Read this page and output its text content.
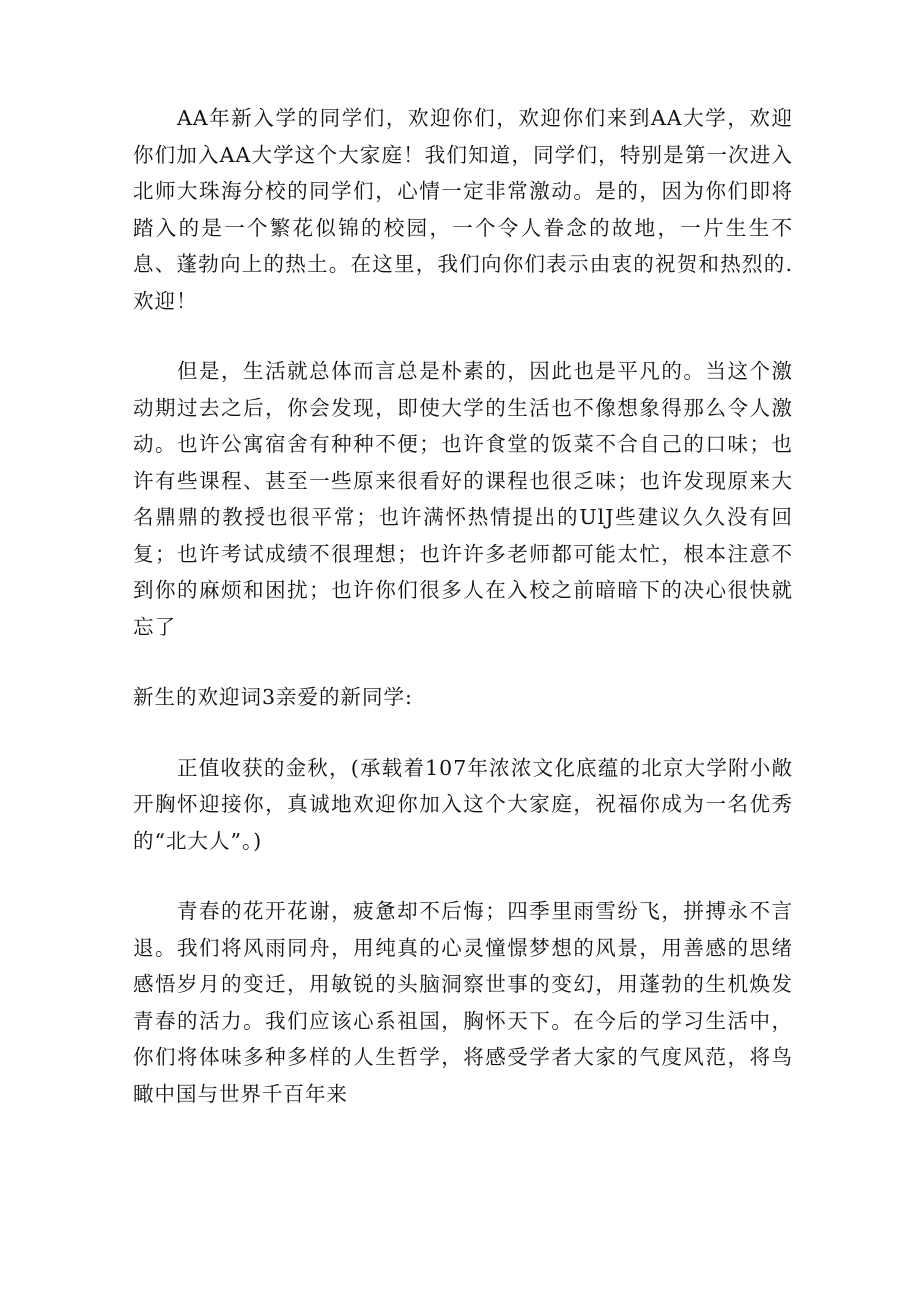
AA年新入学的同学们，欢迎你们，欢迎你们来到AA大学，欢迎你们加入AA大学这个大家庭！我们知道，同学们，特别是第一次进入北师大珠海分校的同学们，心情一定非常激动。是的，因为你们即将踏入的是一个繁花似锦的校园，一个令人眷念的故地，一片生生不息、蓬勃向上的热土。在这里，我们向你们表示由衷的祝贺和热烈的.欢迎！

但是，生活就总体而言总是朴素的，因此也是平凡的。当这个激动期过去之后，你会发现，即使大学的生活也不像想象得那么令人激动。也许公寓宿舍有种种不便；也许食堂的饭菜不合自己的口味；也许有些课程、甚至一些原来很看好的课程也很乏味；也许发现原来大名鼎鼎的教授也很平常；也许满怀热情提出的UlJ些建议久久没有回复；也许考试成绩不很理想；也许许多老师都可能太忙，根本注意不到你的麻烦和困扰；也许你们很多人在入校之前暗暗下的决心很快就忘了

新生的欢迎词3亲爱的新同学:

正值收获的金秋，(承载着107年浓浓文化底蕴的北京大学附小敞开胸怀迎接你，真诚地欢迎你加入这个大家庭，祝福你成为一名优秀的“北大人”。)

青春的花开花谢，疲惫却不后悔；四季里雨雪纷飞，拼搏永不言退。我们将风雨同舟，用纯真的心灵憧憬梦想的风景，用善感的思绪感悟岁月的变迁，用敏锐的头脑洞察世事的变幻，用蓬勃的生机焕发青春的活力。我们应该心系祖国，胸怀天下。在今后的学习生活中，你们将体味多种多样的人生哲学，将感受学者大家的气度风范，将鸟瞰中国与世界千百年来
